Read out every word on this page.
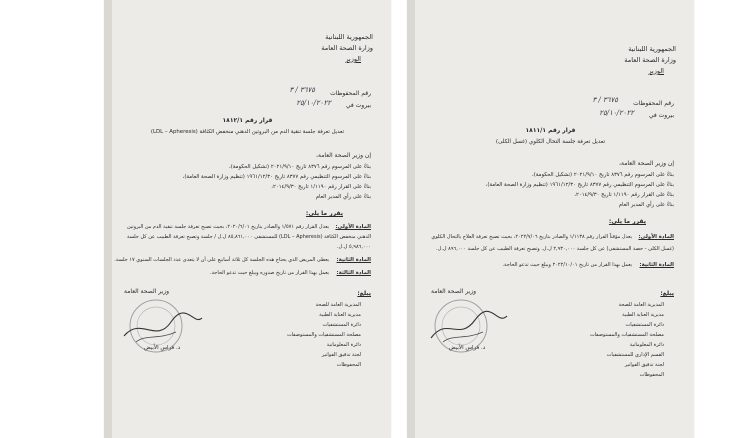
الجمهورية اللبنانية
وزارة الصحة العامة
الوزير
رقم المحفوظات
٣٦٧٥ / ٣
بيروت في
٢٥/١٠/٢٠٢٢
قرار رقم ١٨١٢/١
تعديل تعرفة جلسة تنقية الدم من البروتين الدهني منخفض الكثافة (LDL – Apheresis)
إن وزير الصحة العامة،
بناءً على المرسوم رقم ٨٣٧٦ تاريخ ٢٠٢١/٩/١٠ (تشكيل الحكومة)،
بناءً على المرسوم التنظيمي رقم ٨٣٧٧ تاريخ ١٩٦١/١٢/٣٠ (تنظيم وزارة الصحة العامة)،
بناءً على القرار رقم ١/١١٩٠ تاريخ ٢٠١٤/٩/٣٠،
بناءً على رأي المدير العام
يقرر ما يلي:
المادة الأولى:
يعدل القرار رقم ١/٥٧١ والصادر بتاريخ ٢٠٢٠/٦/٠١، بحيث تصبح تعرفة جلسة تنقية الدم من البروتين
الدهني منخفض الكثافة (LDL – Apheresis) للمستشفى ٨٥,٨٦١,٠٠٠ ل.ل / جلسة وتصبح تعرفة الطبيب عن كل جلسة
٥,٩٨٦,٠٠٠ ل.ل.
المادة الثانية:
يعطى المريض الذي يحتاج هذه الجلسة كل ثلاثة أسابيع على أن لا يتعدى عدد الجلسات السنوي ١٧ جلسة.
المادة الثالثة:
يعمل بهذا القرار من تاريخ صدوره ويبلغ حيث تدعو الحاجة.
وزير الصحة العامة
د. فراس الأبيض
يبلغ:
المديرية العامة للصحة
مديرية العناية الطبية
دائرة المستشفيات
مصلحة المستشفيات والمستوصفات
دائرة المعلوماتية
لجنة تدقيق الفواتير
المحفوظات
الجمهورية اللبنانية
وزارة الصحة العامة
الوزير
رقم المحفوظات
٣٦٧٥ / ٣
بيروت في
٢٥/١٠/٢٠٢٢
قرار رقم ١٨١١/١
تعديل تعرفة جلسة التحال الكلوي (غسل الكلى)
إن وزير الصحة العامة،
بناءً على المرسوم رقم ٨٣٧٦ تاريخ ٢٠٢١/٩/١٠ (تشكيل الحكومة)،
بناءً على المرسوم التنظيمي رقم ٨٣٧٧ تاريخ ١٩٦١/١٢/٣٠ (تنظيم وزارة الصحة العامة)،
بناءً على القرار رقم ١/١١٩٠ تاريخ ٢٠١٤/٩/٣٠،
بناءً على رأي المدير العام
يقرر ما يلي:
المادة الأولى:
يعدل مؤقتاً القرار رقم ١/١١٣٨ والصادر بتاريخ ٢٠٢٢/٧/٠٦، بحيث تصبح تعرفة العلاج بالتحال الكلوي
(غسل الكلى - حصة المستشفى) عن كل جلسة ٢,٩٣٠,٠٠٠ ل.ل. وتصبح تعرفة الطبيب عن كل جلسة ٨٩٦,٠٠٠ ل.ل.
المادة الثانية:
يعمل بهذا القرار من تاريخ ٢٠٢٢/١٠/٠١ ويبلغ حيث تدعو الحاجة.
وزير الصحة العامة
د. فراس الأبيض
يبلغ:
المديرية العامة للصحة
مديرية العناية الطبية
دائرة المستشفيات
مصلحة المستشفيات والمستوصفات
دائرة المعلوماتية
القسم الإداري للمستشفيات
لجنة تدقيق الفواتير
المحفوظات
